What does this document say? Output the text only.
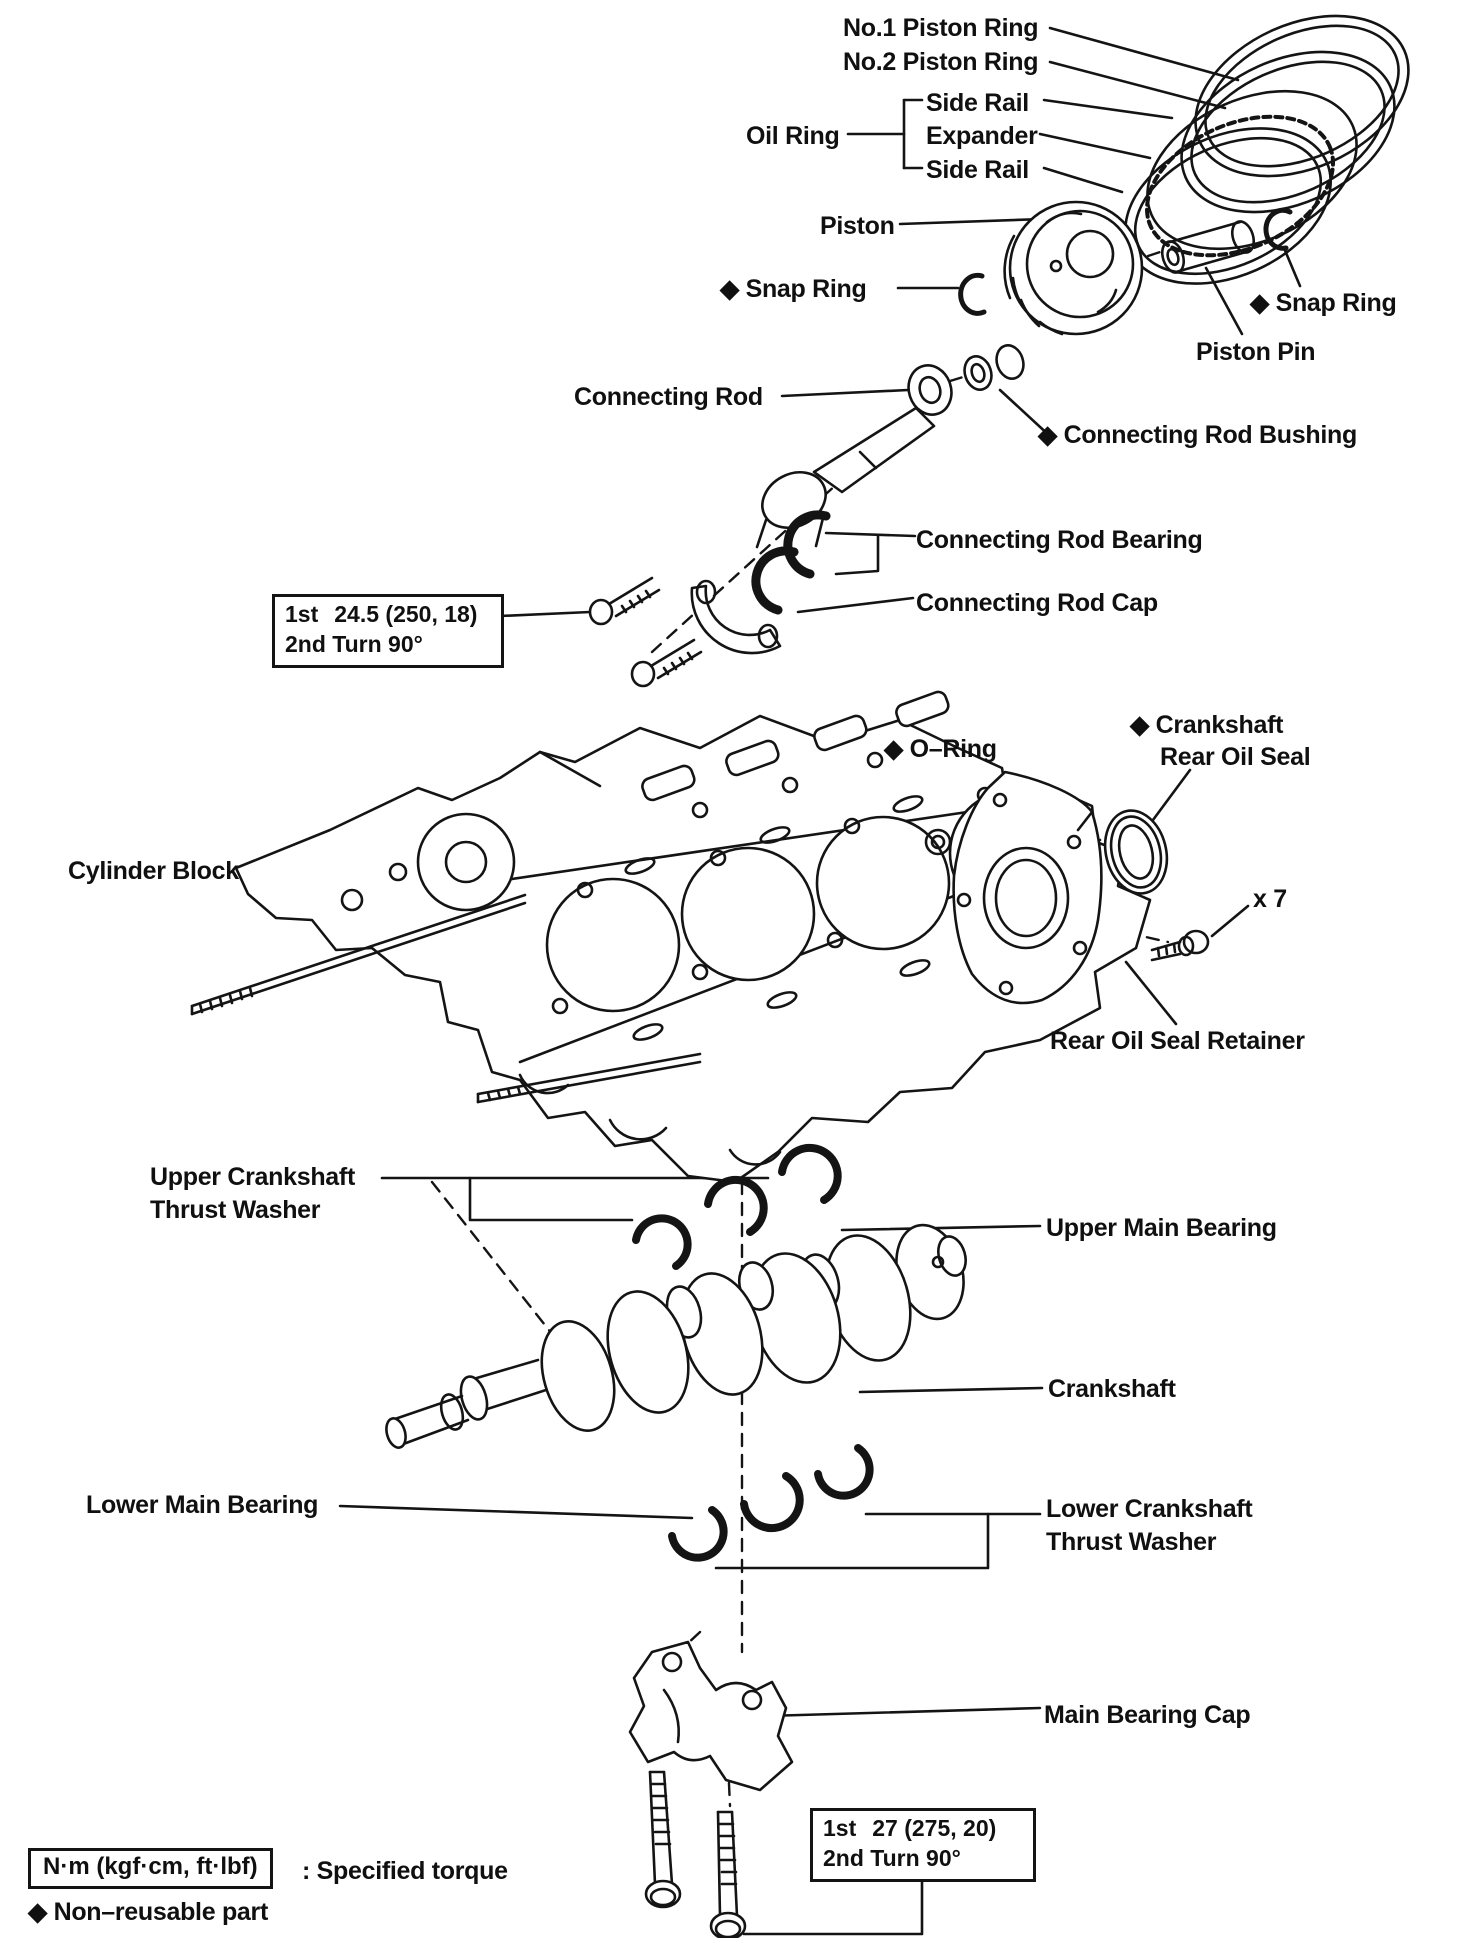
No.1 Piston Ring
No.2 Piston Ring
Side Rail
Oil Ring	Expander
Side Rail
Piston
◆ Snap Ring	◆ Snap Ring
Piston Pin
Connecting Rod
◆ Connecting Rod Bushing
Connecting Rod Bearing
Connecting Rod Cap
Cylinder Block
◆ O–Ring
◆ Crankshaft
Rear Oil Seal
x 7
Rear Oil Seal Retainer
Upper Crankshaft
Thrust Washer
Upper Main Bearing
Crankshaft
Lower Main Bearing	Lower Crankshaft
Thrust Washer
Main Bearing Cap
1st 24.5 (250, 18)
2nd Turn 90°
1st 27 (275, 20)
2nd Turn 90°
N·m (kgf·cm, ft·lbf)	: Specified torque
◆ Non–reusable part
